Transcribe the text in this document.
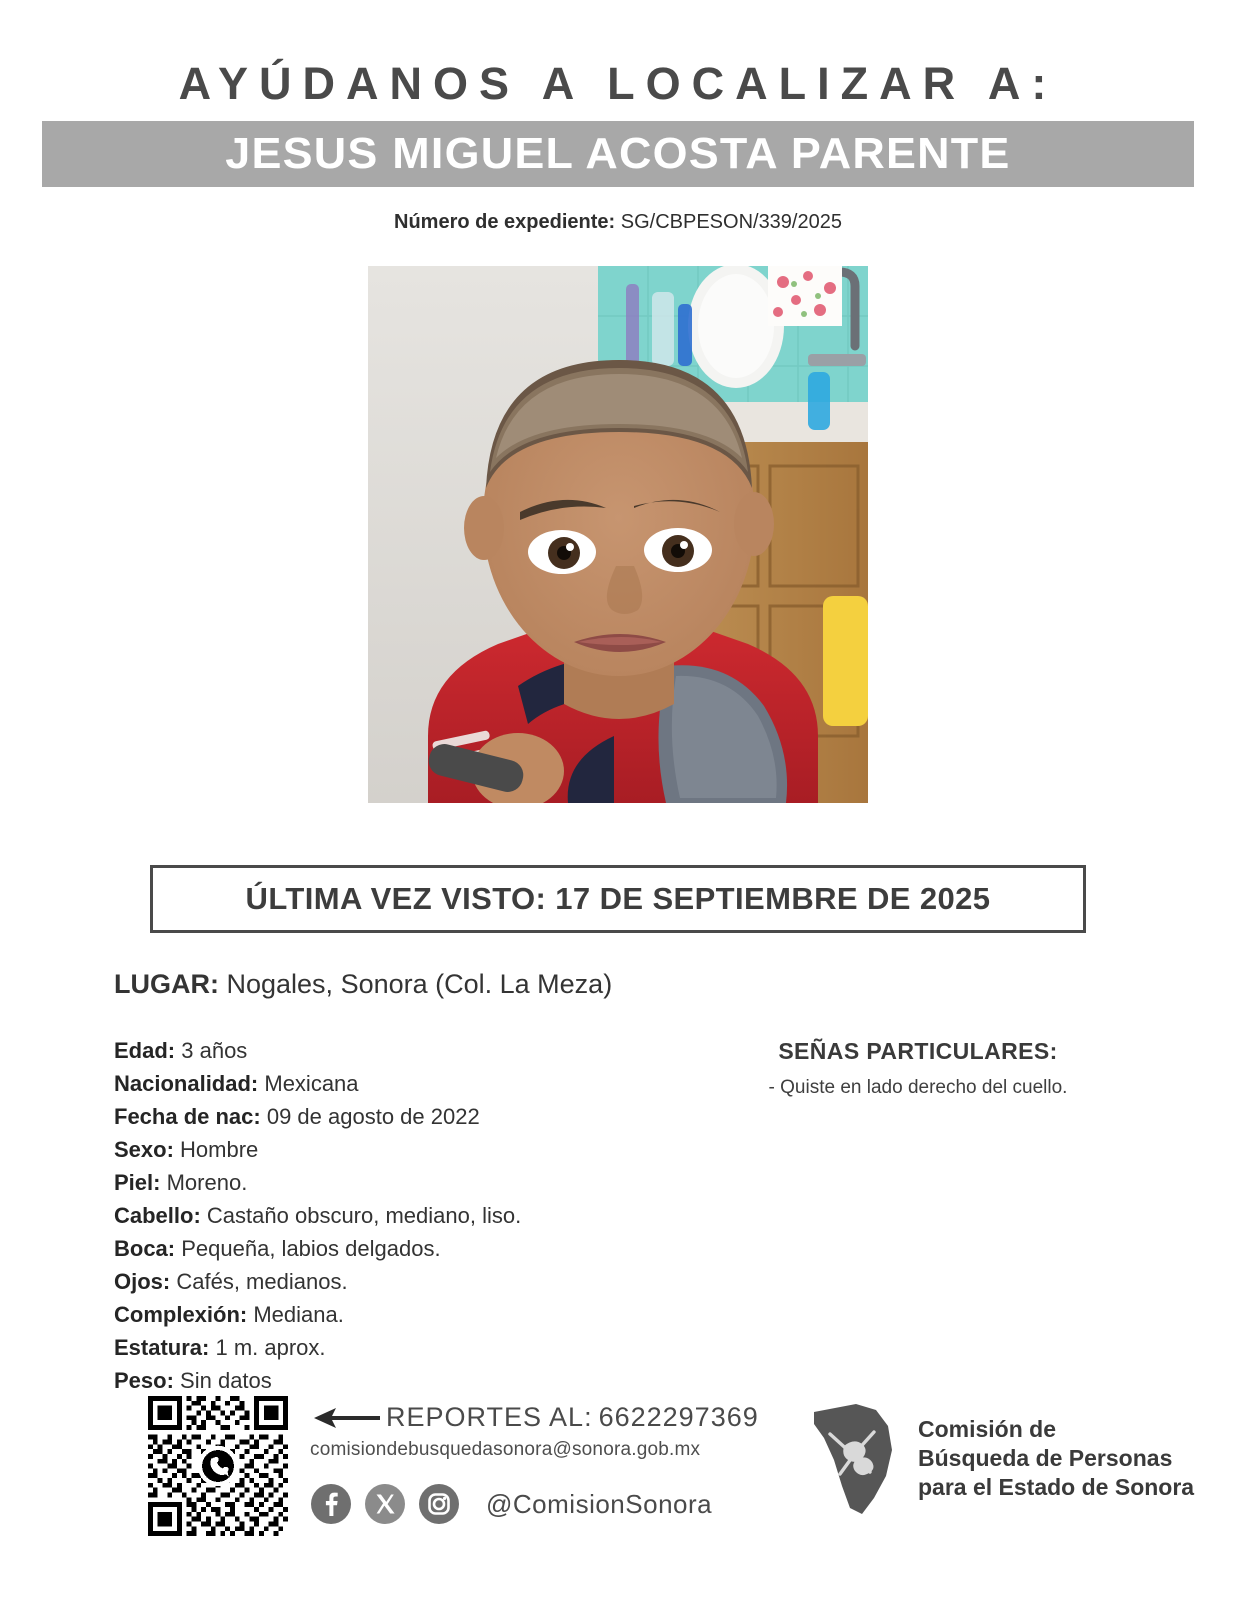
AYÚDANOS A LOCALIZAR A:
JESUS MIGUEL ACOSTA PARENTE
Número de expediente: SG/CBPESON/339/2025
ÚLTIMA VEZ VISTO: 17 DE SEPTIEMBRE DE 2025
LUGAR: Nogales, Sonora (Col. La Meza)
Edad: 3 años
Nacionalidad: Mexicana
Fecha de nac: 09 de agosto de 2022
Sexo: Hombre
Piel: Moreno.
Cabello: Castaño obscuro, mediano, liso.
Boca: Pequeña, labios delgados.
Ojos: Cafés, medianos.
Complexión: Mediana.
Estatura: 1 m. aprox.
Peso: Sin datos
SEÑAS PARTICULARES:
- Quiste en lado derecho del cuello.
REPORTES AL: 6622297369
comisiondebusquedasonora@sonora.gob.mx
@ComisionSonora
Comisión de
Búsqueda de Personas
para el Estado de Sonora
